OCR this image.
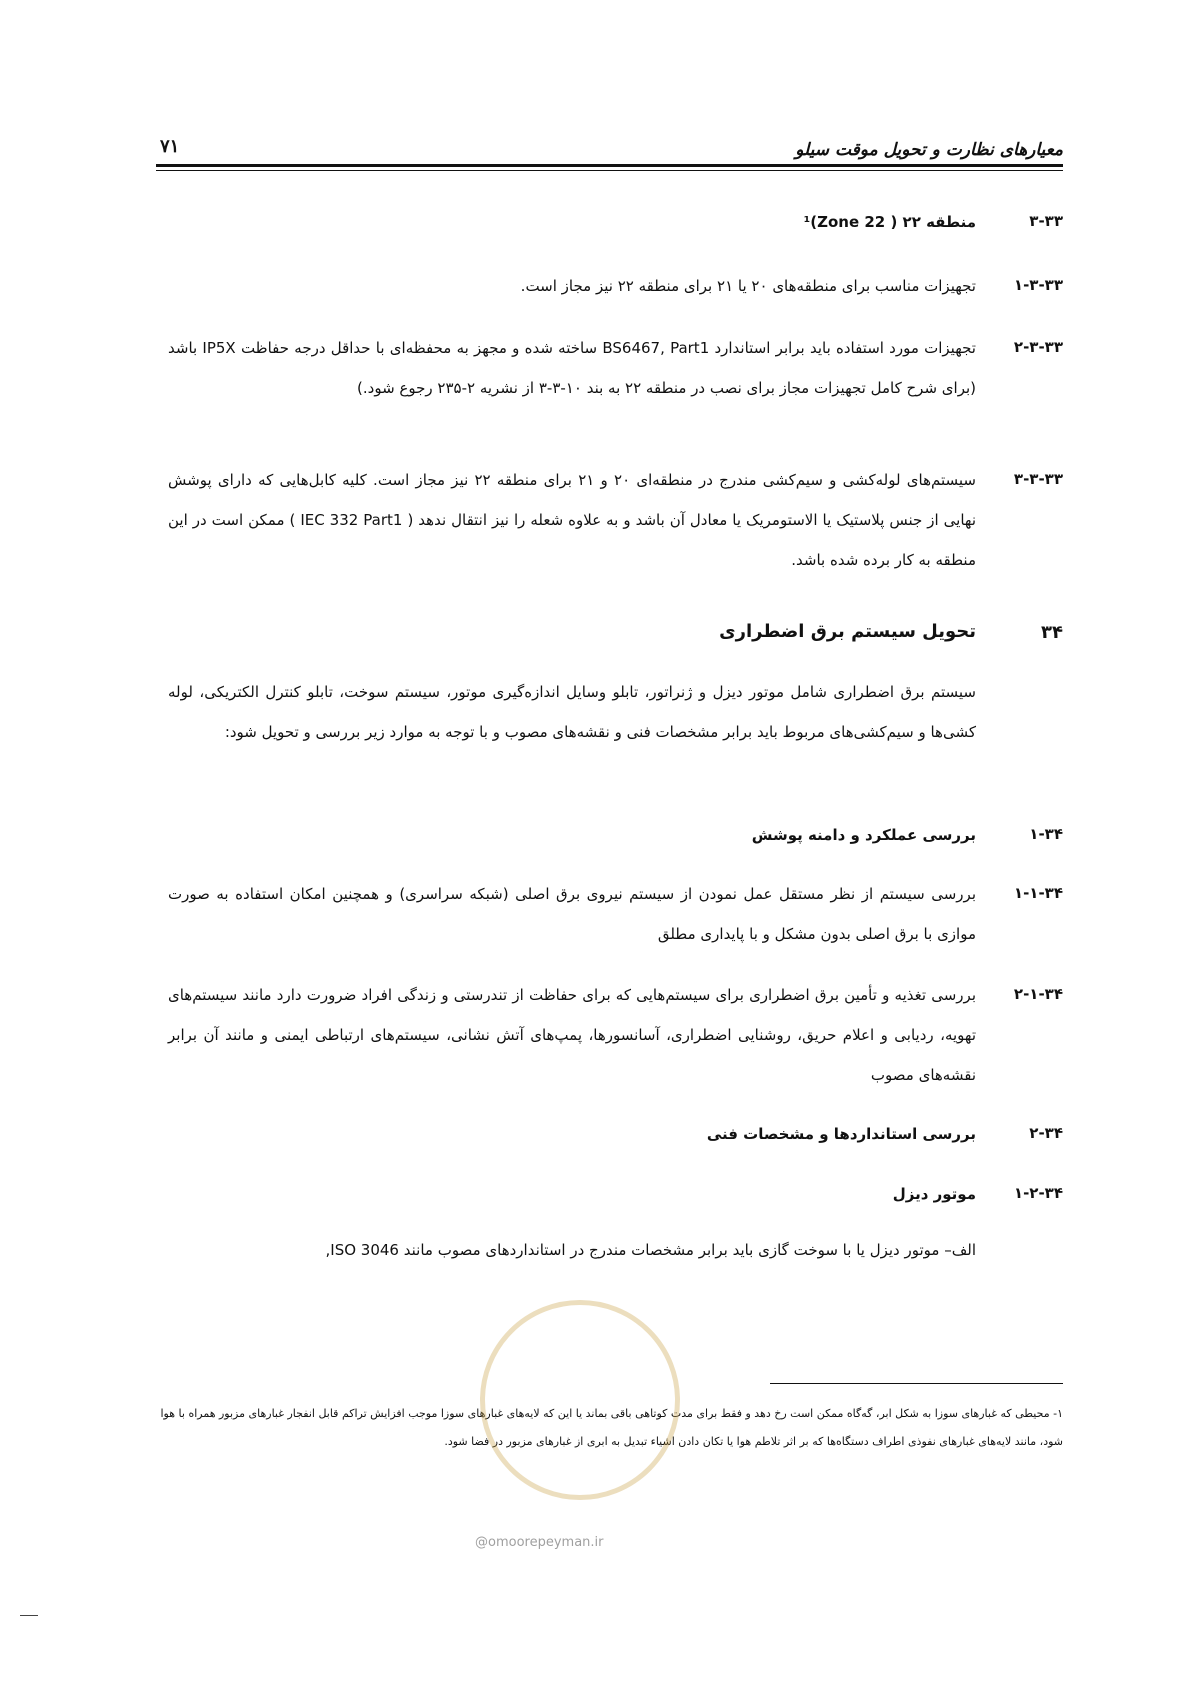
معیارهای نظارت و تحویل موقت سیلو
۷۱
۳-۳۳
منطقه ۲۲ ( Zone 22)¹
۱-۳-۳۳
تجهیزات مناسب برای منطقه‌های ۲۰ یا ۲۱ برای منطقه ۲۲ نیز مجاز است.
۲-۳-۳۳
تجهیزات مورد استفاده باید برابر استاندارد BS6467, Part1 ساخته شده و مجهز به محفظه‌ای با حداقل درجه حفاظت IP5X باشد (برای شرح کامل تجهیزات مجاز برای نصب در منطقه ۲۲ به بند ۱۰-۳-۳ از نشریه ۲-۲۳۵ رجوع شود.)
۳-۳-۳۳
سیستم‌های لوله‌کشی و سیم‌کشی مندرج در منطقه‌ای ۲۰ و ۲۱ برای منطقه ۲۲ نیز مجاز است. کلیه کابل‌هایی که دارای پوشش نهایی از جنس پلاستیک یا الاستومریک یا معادل آن باشد و به علاوه شعله را نیز انتقال ندهد ( IEC 332 Part1 ) ممکن است در این منطقه به کار برده شده باشد.
۳۴
تحویل سیستم برق اضطراری
سیستم برق اضطراری شامل موتور دیزل و ژنراتور، تابلو وسایل اندازه‌گیری موتور، سیستم سوخت، تابلو کنترل الکتریکی، لوله کشی‌ها و سیم‌کشی‌های مربوط باید برابر مشخصات فنی و نقشه‌های مصوب و با توجه به موارد زیر بررسی و تحویل شود:
۱-۳۴
بررسی عملکرد و دامنه پوشش
۱-۱-۳۴
بررسی سیستم از نظر مستقل عمل نمودن از سیستم نیروی برق اصلی (شبکه سراسری) و همچنین امکان استفاده به صورت موازی با برق اصلی بدون مشکل و با پایداری مطلق
۲-۱-۳۴
بررسی تغذیه و تأمین برق اضطراری برای سیستم‌هایی که برای حفاظت از تندرستی و زندگی افراد ضرورت دارد مانند سیستم‌های تهویه، ردیابی و اعلام حریق، روشنایی اضطراری، آسانسورها، پمپ‌های آتش نشانی، سیستم‌های ارتباطی ایمنی و مانند آن برابر نقشه‌های مصوب
۲-۳۴
بررسی استانداردها و مشخصات فنی
۱-۲-۳۴
موتور دیزل
الف– موتور دیزل یا با سوخت گازی باید برابر مشخصات مندرج در استانداردهای مصوب مانند ISO 3046,
۱- محیطی که غبارهای سوزا به شکل ابر، گه‌گاه ممکن است رخ دهد و فقط برای مدت کوتاهی باقی بماند یا این که لایه‌های غبارهای سوزا موجب افزایش تراکم قابل انفجار غبارهای مزبور همراه با هوا شود، مانند لایه‌های غبارهای نفوذی اطراف دستگاه‌ها که بر اثر تلاطم هوا یا تکان دادن اشیاء تبدیل به ابری از غبارهای مزبور در فضا شود.
@omoorepeyman.ir
